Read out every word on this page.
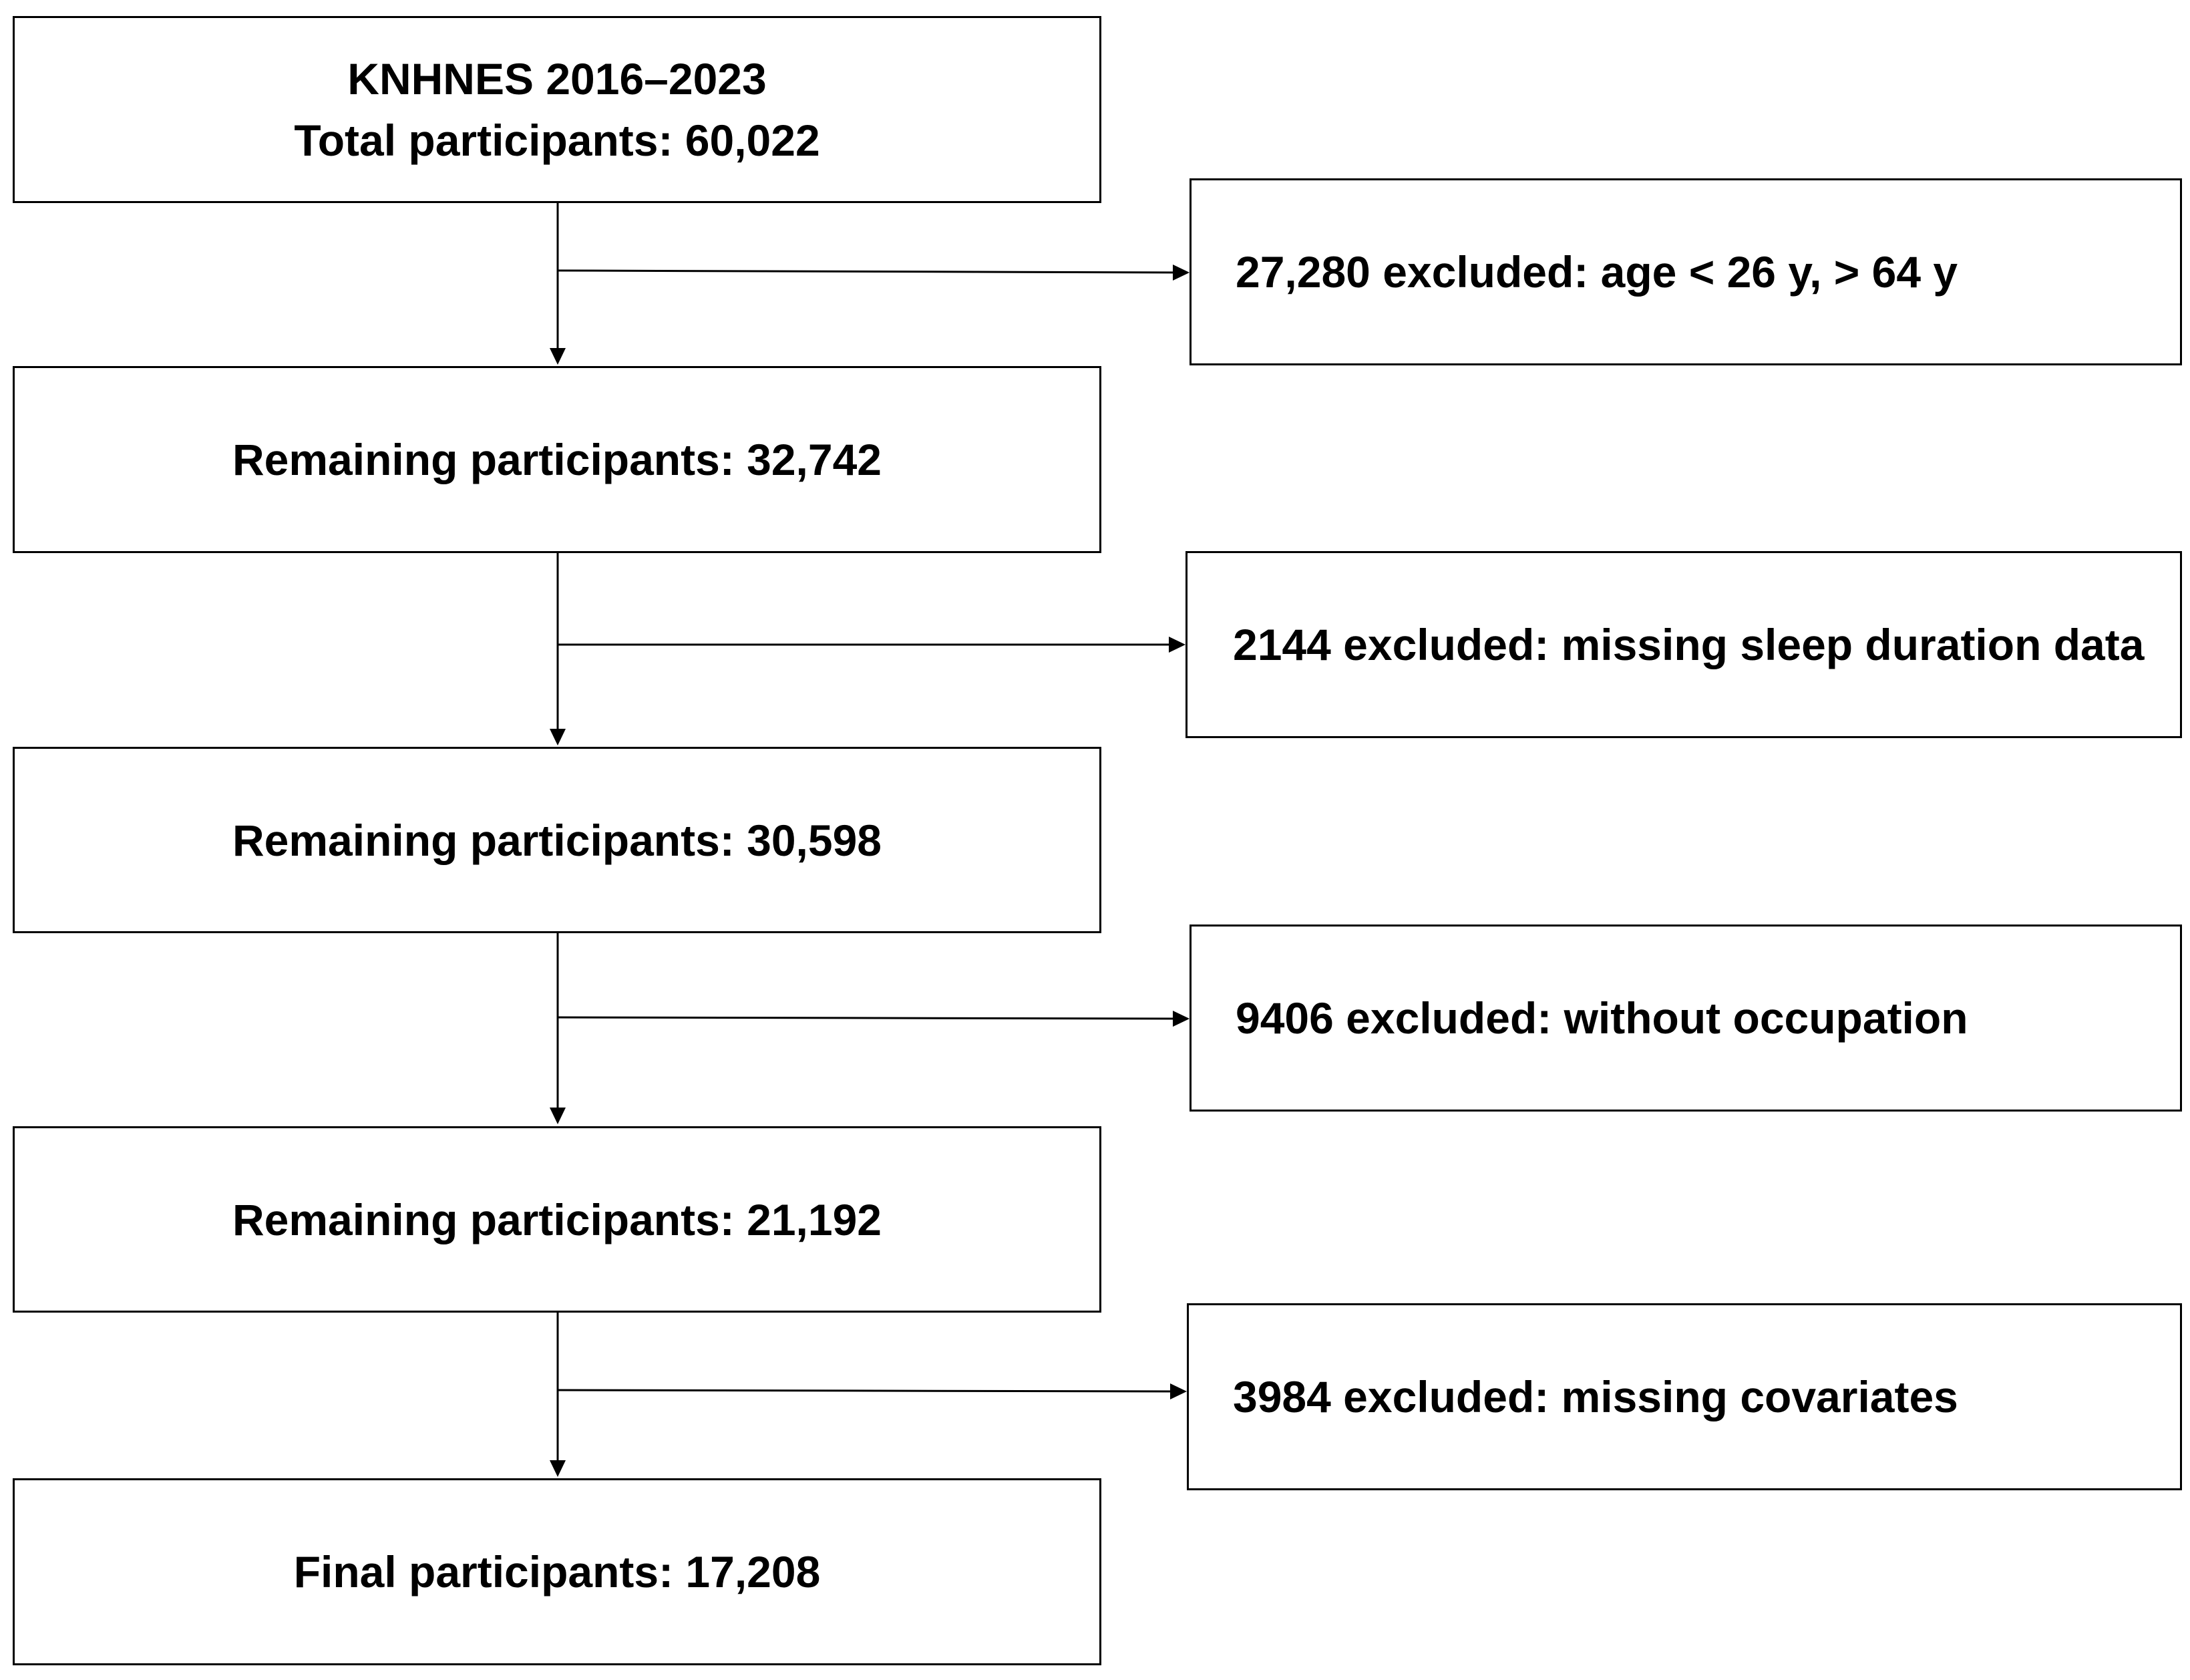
KNHNES 2016–2023
Total participants: 60,022
Remaining participants: 32,742
Remaining participants: 30,598
Remaining participants: 21,192
Final participants: 17,208
27,280 excluded: age < 26 y, > 64 y
2144 excluded: missing sleep duration data
9406 excluded: without occupation
3984 excluded: missing covariates
